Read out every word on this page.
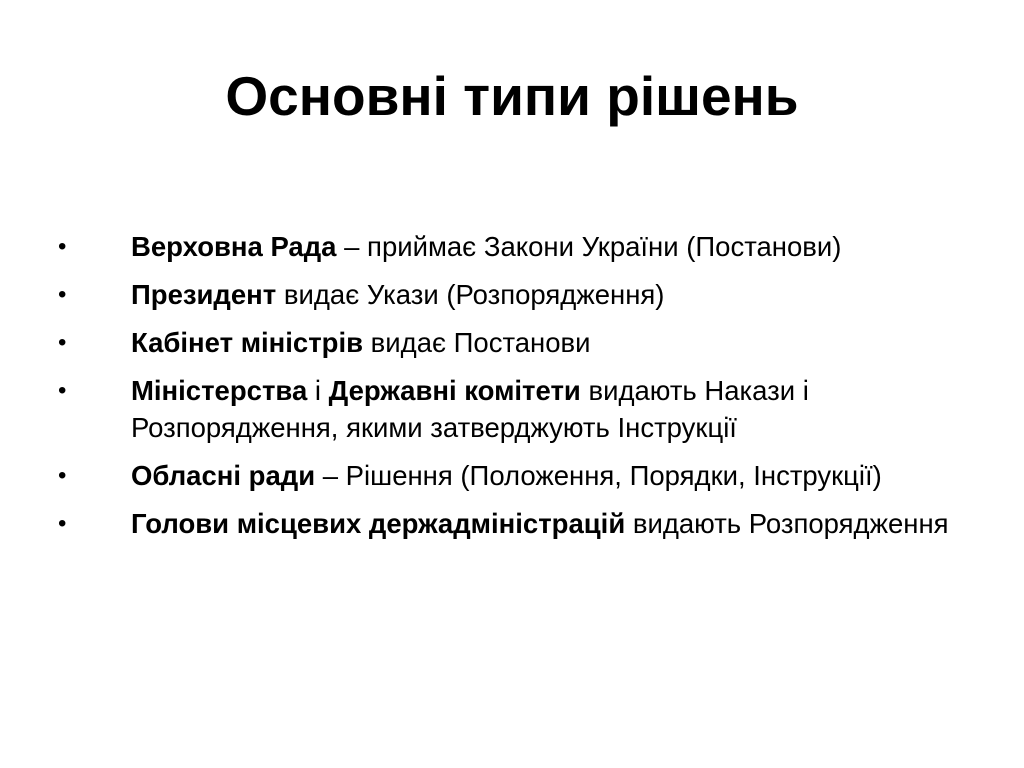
Основні типи рішень
•	Верховна Рада – приймає Закони України (Постанови)
•	Президент видає Укази (Розпорядження)
•	Кабінет міністрів видає Постанови
•	Міністерства і Державні комітети видають Накази і Розпорядження, якими затверджують Інструкції
•	Обласні ради – Рішення (Положення, Порядки, Інструкції)
•	Голови місцевих держадміністрацій видають Розпорядження
